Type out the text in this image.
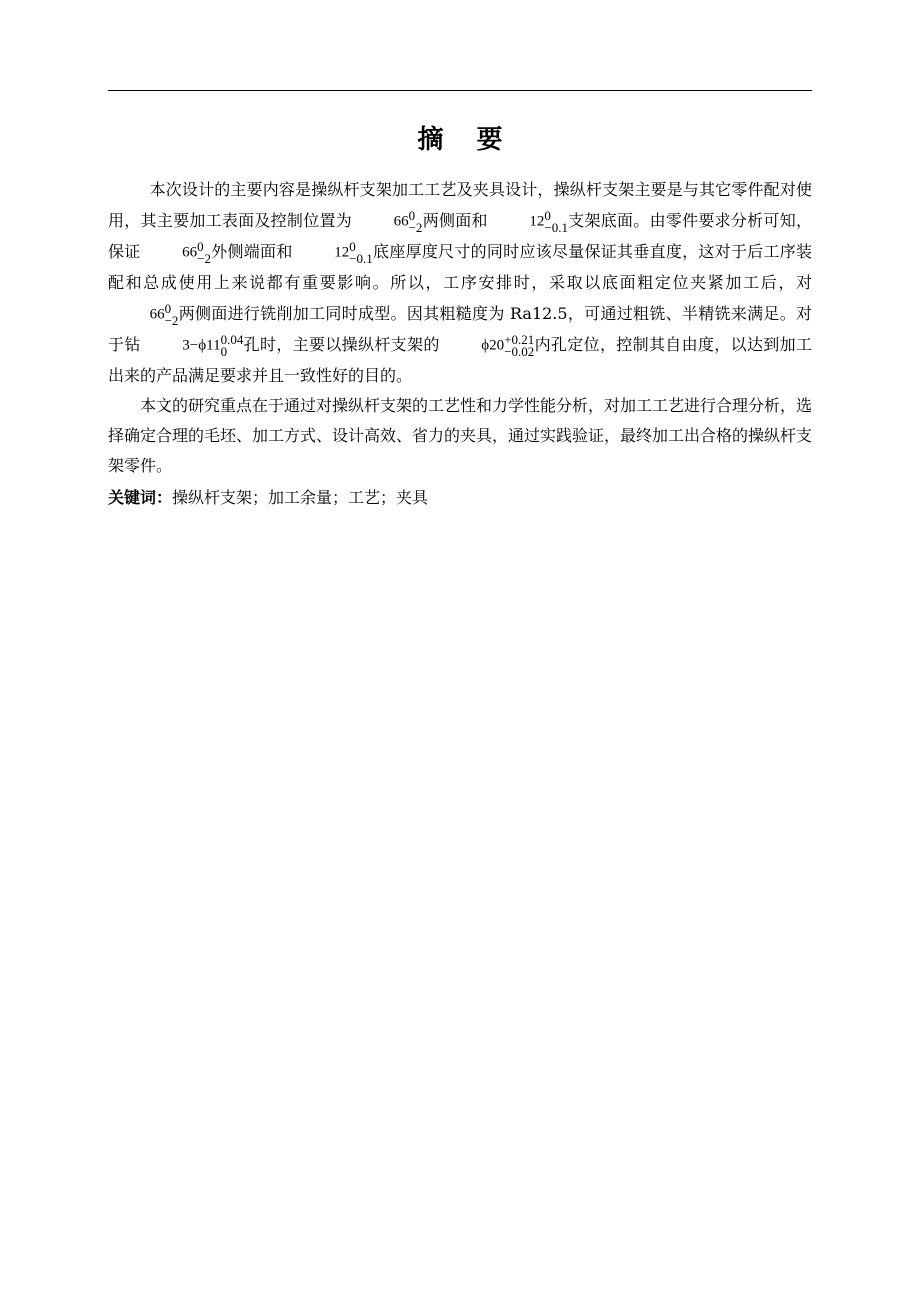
摘 要

本次设计的主要内容是操纵杆支架加工工艺及夹具设计，操纵杆支架主要是与其它零件配对使用，其主要加工表面及控制位置为	66 0
−2 两侧面和	12 0
−0.1 支架底面。由零件要求分析可知，保证	66 0
−2 外侧端面和	12 0
−0.1 底座厚度尺寸的同时应该尽量保证其垂直度，这对于后工序装配和总成使用上来说都有重要影响。所以，工序安排时，采取以底面粗定位夹紧加工后，对66 0
−2 两侧面进行铣削加工同时成型。因其粗糙度为 Ra12.5，可通过粗铣、半精铣来满足。对于钻	3−ϕ11 0.04
0	孔时，主要以操纵杆支架的	ϕ20 +0.21
−0.02 内孔定位，控制其自由度，以达到加工出来的产品满足要求并且一致性好的目的。

本文的研究重点在于通过对操纵杆支架的工艺性和力学性能分析，对加工工艺进行合理分析，选择确定合理的毛坯、加工方式、设计高效、省力的夹具，通过实践验证，最终加工出合格的操纵杆支架零件。

关键词：操纵杆支架；加工余量；工艺；夹具
